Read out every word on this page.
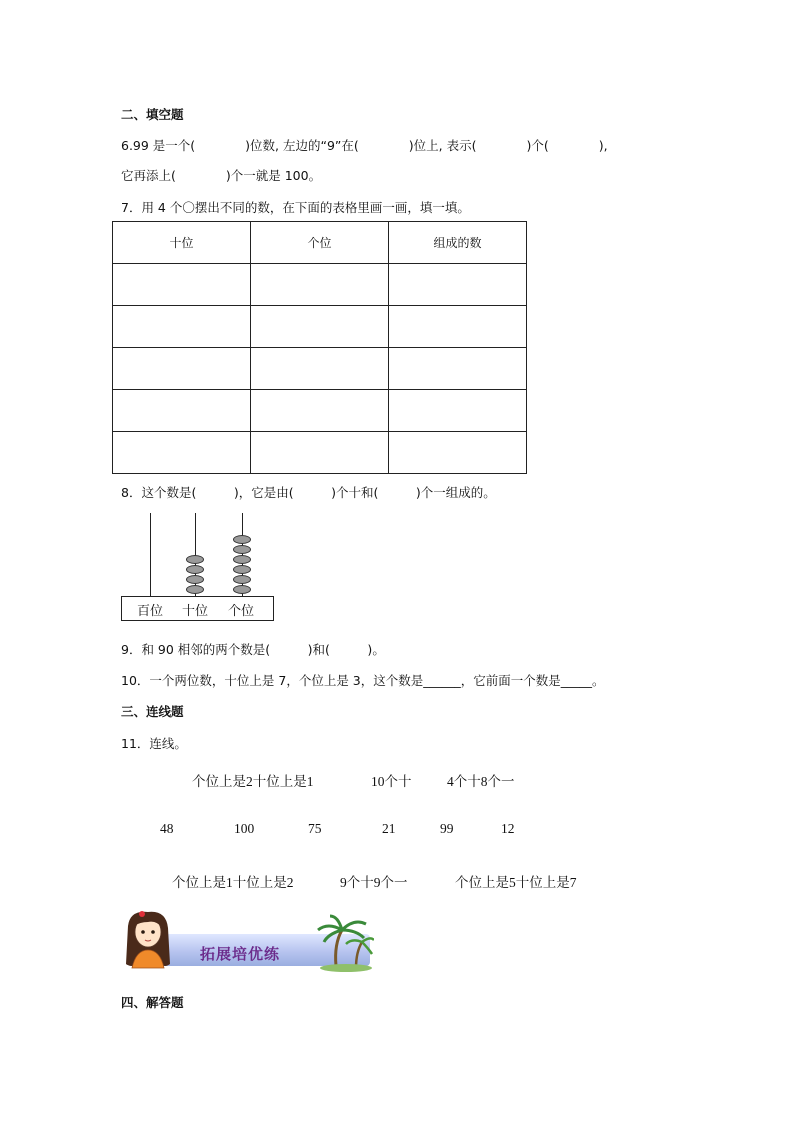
二、填空题
6.99 是一个(　　　　)位数, 左边的“9”在(　　　　)位上, 表示(　　　　)个(　　　　),
它再添上(　　　　)个一就是 100。
7．用 4 个〇摆出不同的数，在下面的表格里画一画，填一填。
十位	个位	组成的数

8．这个数是(　　　)，它是由(　　　)个十和(　　　)个一组成的。
百位 十位 个位
9．和 90 相邻的两个数是(　　　)和(　　　)。
10．一个两位数，十位上是 7，个位上是 3，这个数是______，它前面一个数是_____。
三、连线题
11．连线。
个位上是2十位上是1	10个十	4个十8个一
48	100	75	21	99	12
个位上是1十位上是2	9个十9个一	个位上是5十位上是7
拓展培优练
四、解答题
